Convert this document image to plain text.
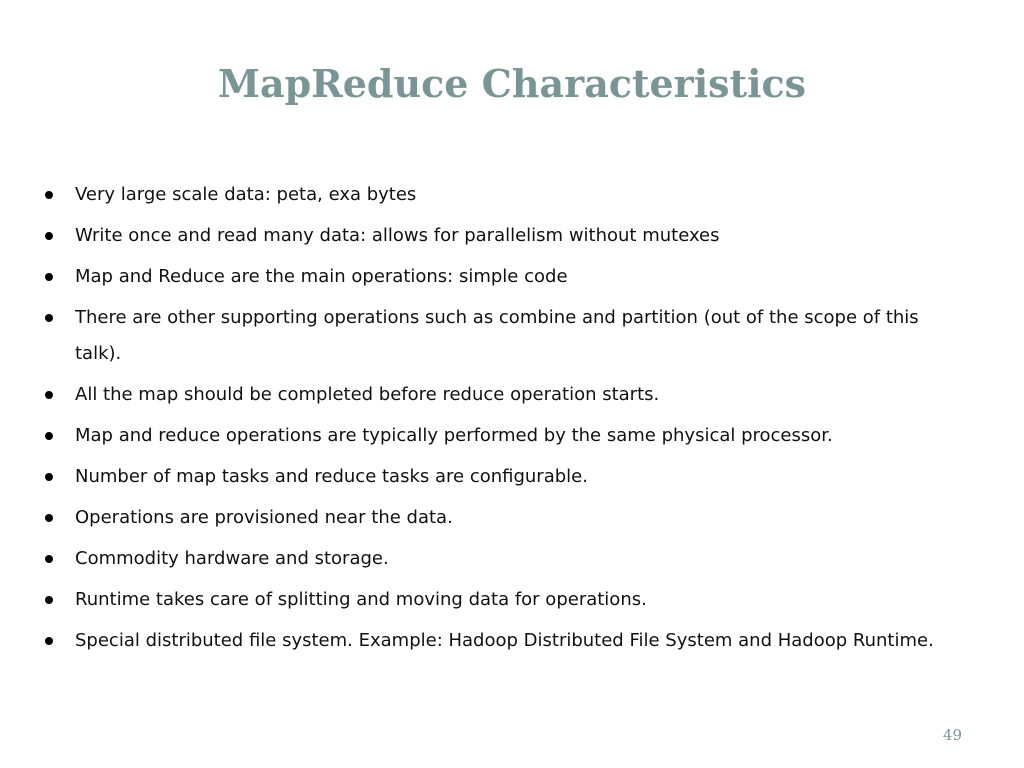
MapReduce Characteristics
Very large scale data: peta, exa bytes
Write once and read many data: allows for parallelism without mutexes
Map and Reduce are the main operations: simple code
There are other supporting operations such as combine and partition (out of the scope of this talk).
All the map should be completed before reduce operation starts.
Map and reduce operations are typically performed by the same physical processor.
Number of map tasks and reduce tasks are configurable.
Operations are provisioned near the data.
Commodity hardware and storage.
Runtime takes care of splitting and moving data for operations.
Special distributed file system. Example: Hadoop Distributed File System and Hadoop Runtime.
49
